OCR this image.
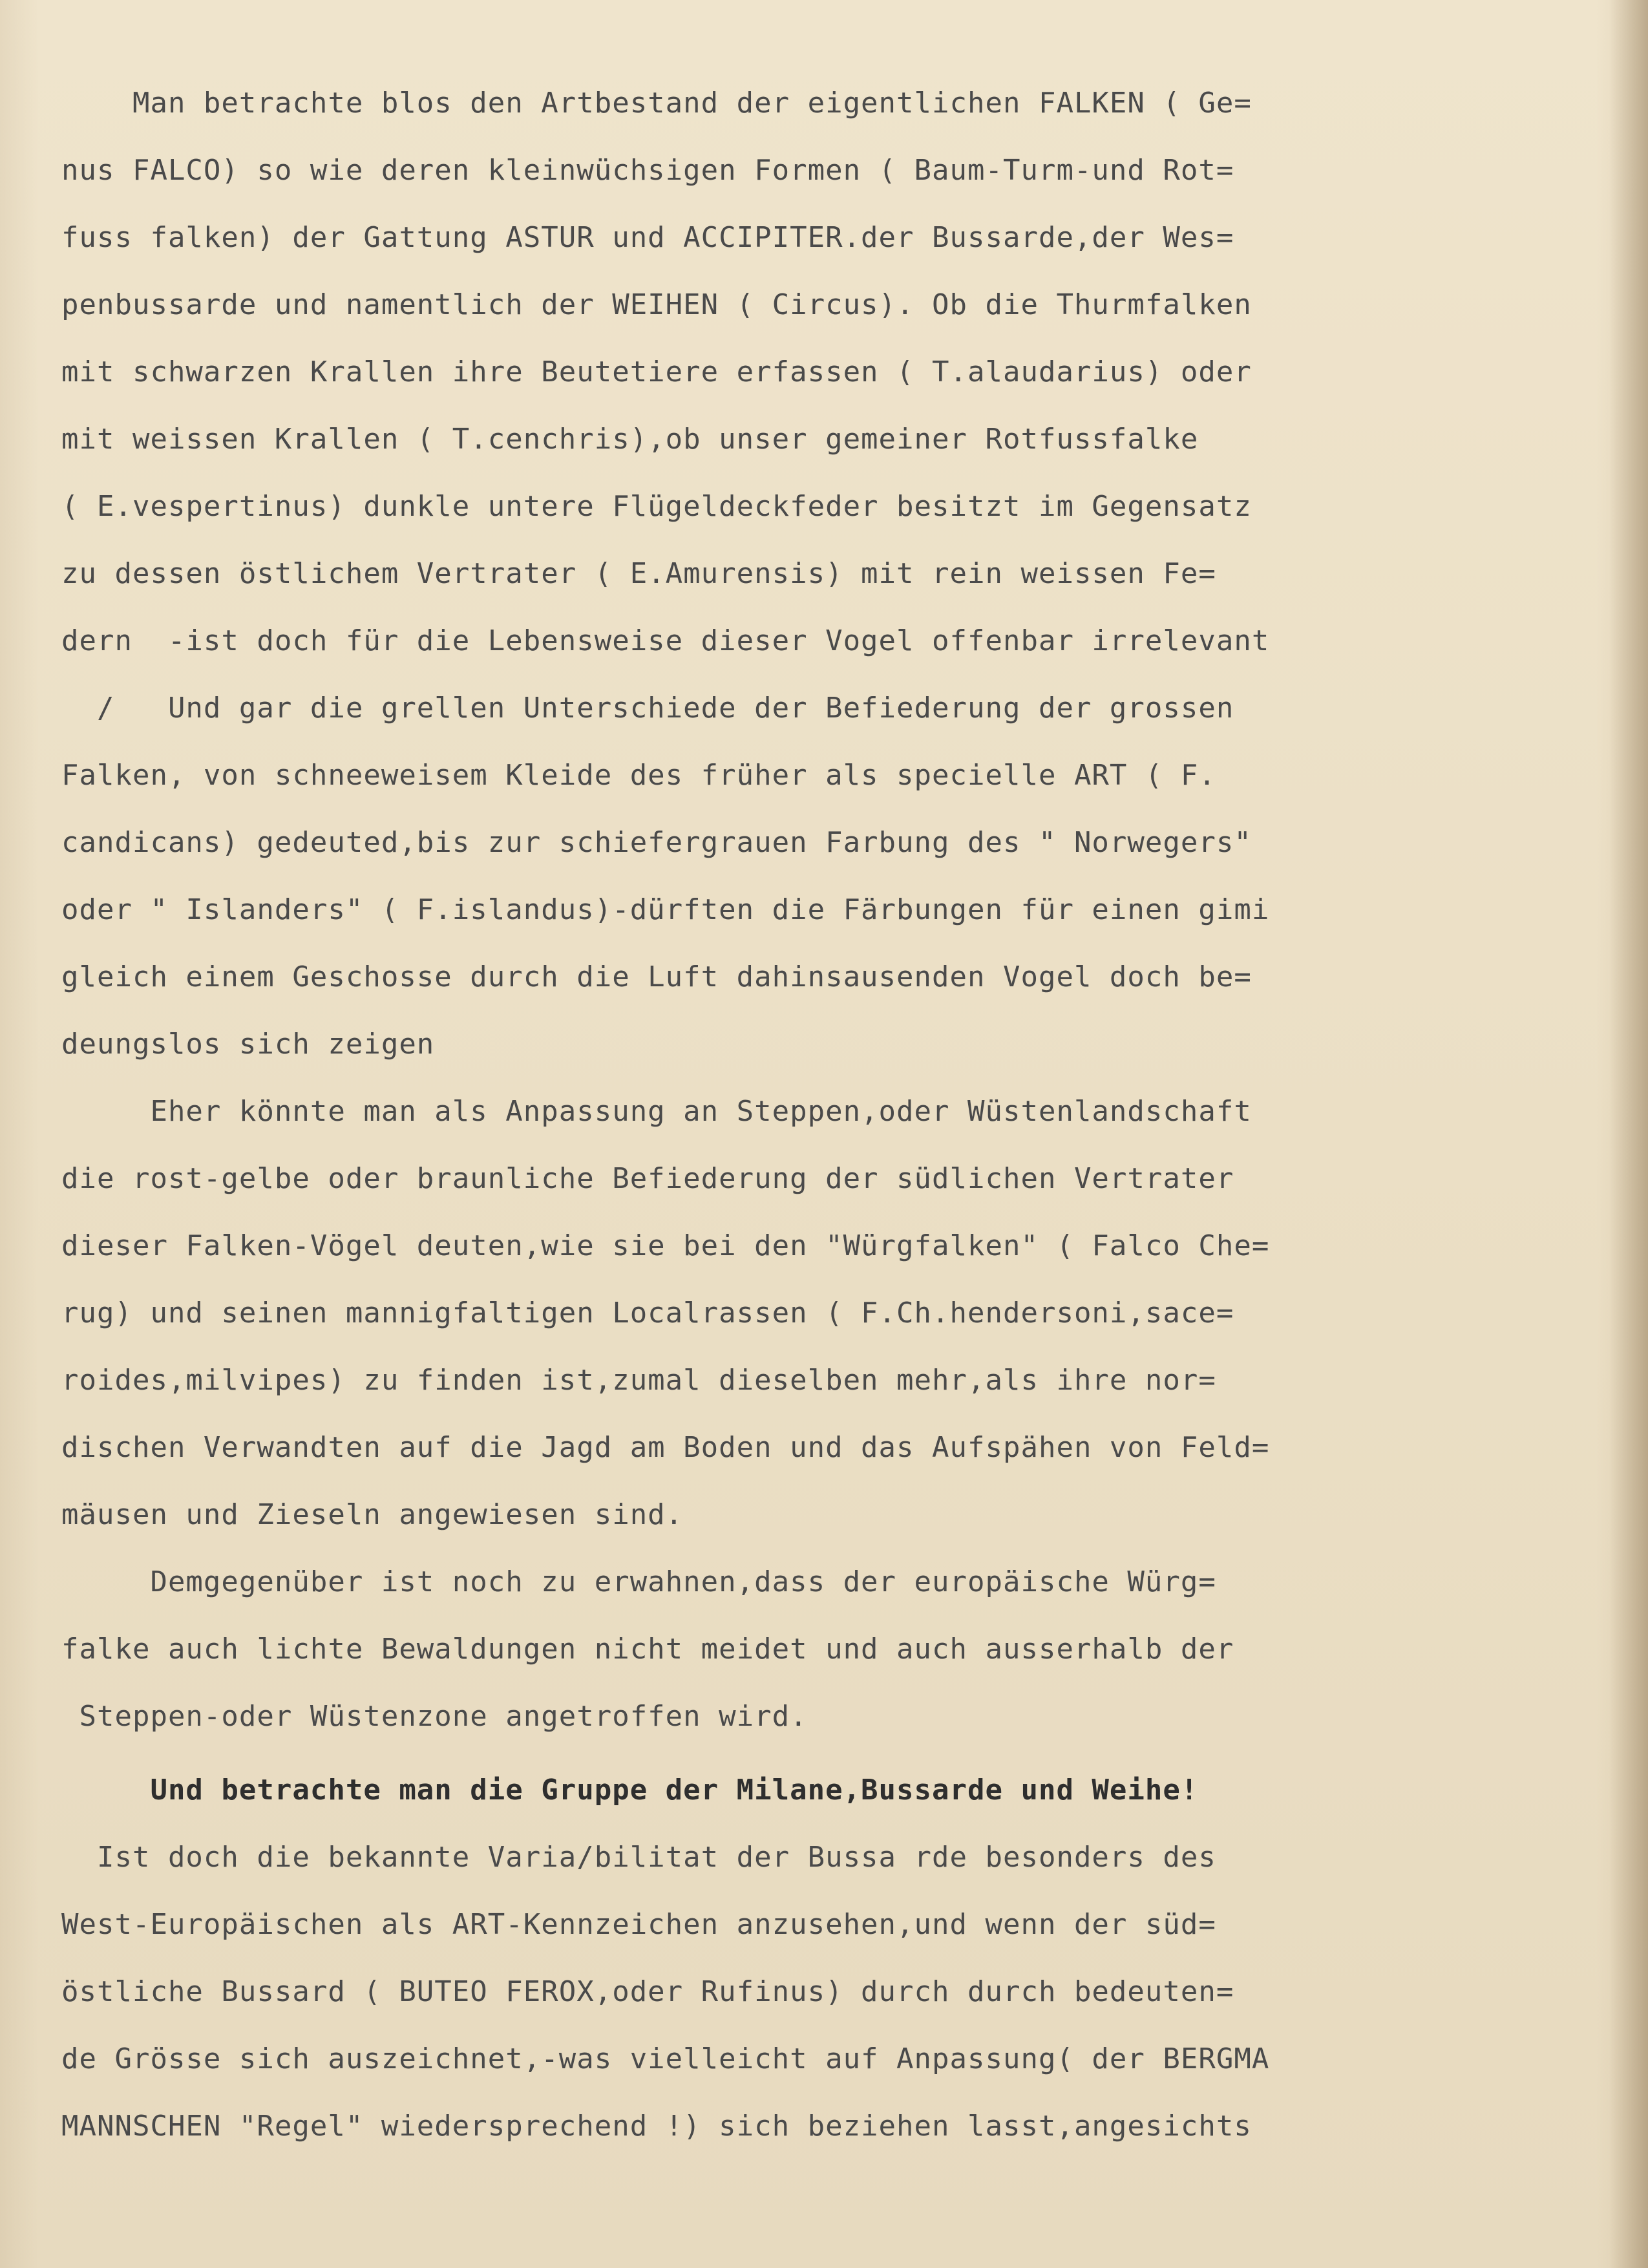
Man betrachte blos den Artbestand der eigentlichen FALKEN ( Ge=
nus FALCO) so wie deren kleinwüchsigen Formen ( Baum-Turm-und Rot=
fuss falken) der Gattung ASTUR und ACCIPITER.der Bussarde,der Wes=
penbussarde und namentlich der WEIHEN ( Circus). Ob die Thurmfalken
mit schwarzen Krallen ihre Beutetiere erfassen ( T.alaudarius) oder
mit weissen Krallen ( T.cenchris),ob unser gemeiner Rotfussfalke
( E.vespertinus) dunkle untere Flügeldeckfeder besitzt im Gegensatz
zu dessen östlichem Vertrater ( E.Amurensis) mit rein weissen Fe=
dern  -ist doch für die Lebensweise dieser Vogel offenbar irrelevant
/   Und gar die grellen Unterschiede der Befiederung der grossen
Falken, von schneeweisem Kleide des früher als specielle ART ( F.
candicans) gedeuted,bis zur schiefergrauen Farbung des " Norwegers"
oder " Islanders" ( F.islandus)-dürften die Färbungen für einen gimi
gleich einem Geschosse durch die Luft dahinsausenden Vogel doch be=
deungslos sich zeigen
Eher könnte man als Anpassung an Steppen,oder Wüstenlandschaft
die rost-gelbe oder braunliche Befiederung der südlichen Vertrater
dieser Falken-Vögel deuten,wie sie bei den "Würgfalken" ( Falco Che=
rug) und seinen mannigfaltigen Localrassen ( F.Ch.hendersoni,sace=
roides,milvipes) zu finden ist,zumal dieselben mehr,als ihre nor=
dischen Verwandten auf die Jagd am Boden und das Aufspähen von Feld=
mäusen und Zieseln angewiesen sind.
Demgegenüber ist noch zu erwahnen,dass der europäische Würg=
falke auch lichte Bewaldungen nicht meidet und auch ausserhalb der
Steppen-oder Wüstenzone angetroffen wird.
Und betrachte man die Gruppe der Milane,Bussarde und Weihe!
Ist doch die bekannte Varia/bilitat der Bussa rde besonders des
West-Europäischen als ART-Kennzeichen anzusehen,und wenn der süd=
östliche Bussard ( BUTEO FEROX,oder Rufinus) durch durch bedeuten=
de Grösse sich auszeichnet,-was vielleicht auf Anpassung( der BERGMA
MANNSCHEN "Regel" wiedersprechend !) sich beziehen lasst,angesichts
